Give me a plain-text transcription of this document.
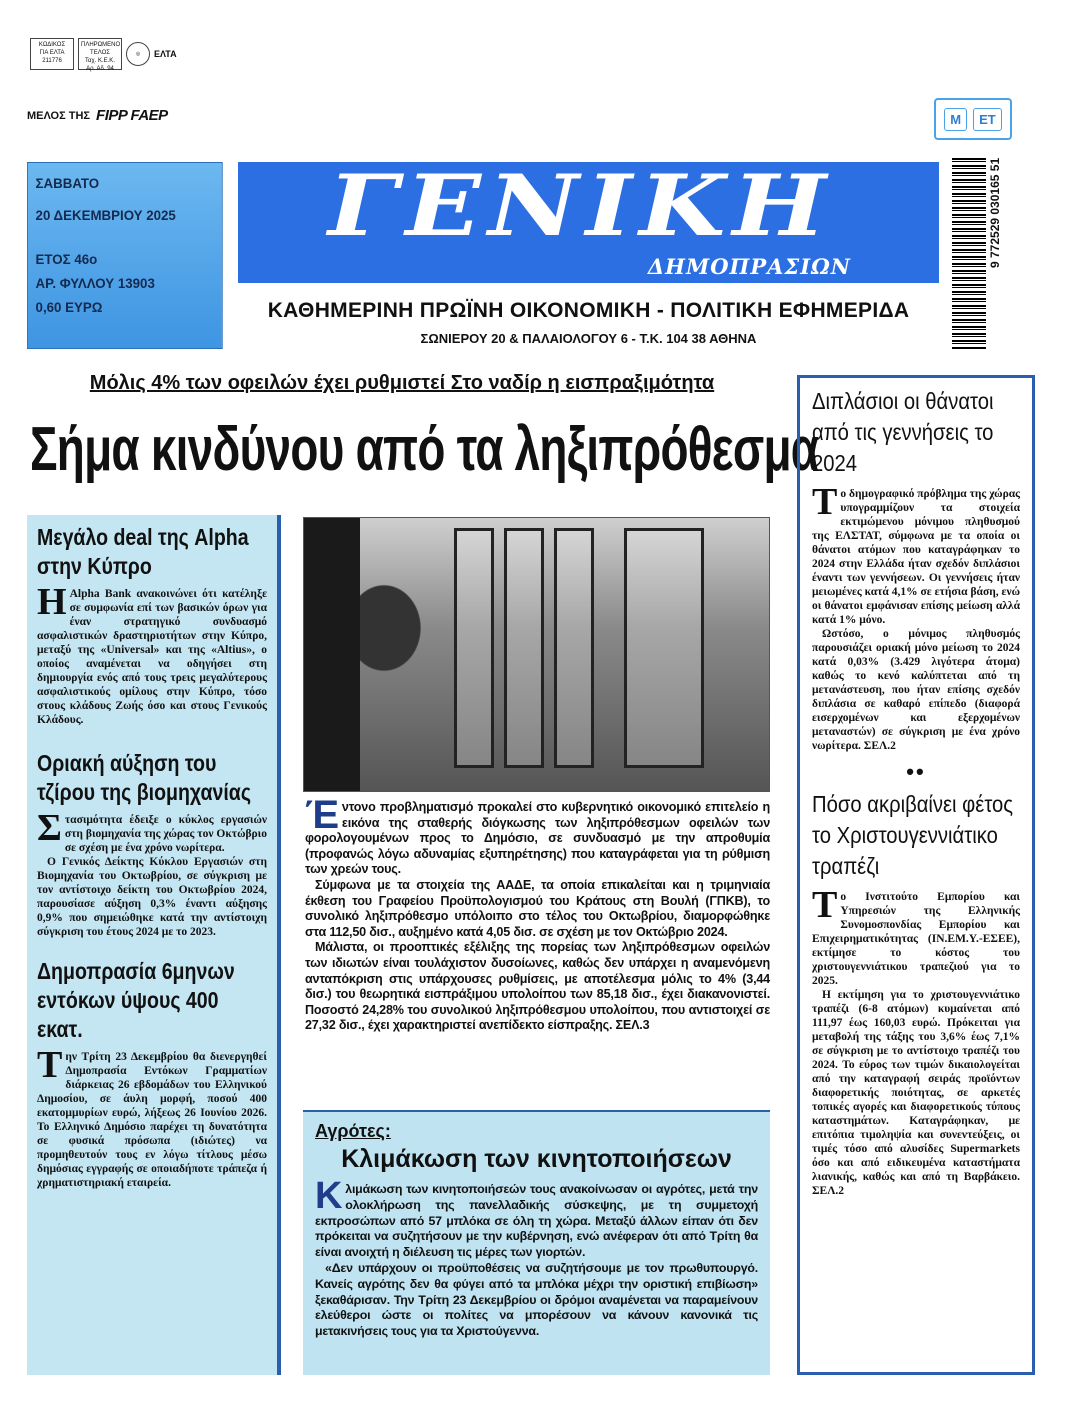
ΚΩΔΙΚΟΣ
ΓΙΑ ΕΛΤΑ
211776
ΠΛΗΡΩΜΕΝΟ ΤΕΛΟΣ
Ταχ. Κ.Ε.Κ.
Αρ. Αδ. 94
◎	ΕΛΤΑ
ΜΕΛΟΣ ΤΗΣ FIPP FAEP	Μ	ΕΤ
ΣΑΒΒΑΤΟ
20 ΔΕΚΕΜΒΡΙΟΥ 2025
ΕΤΟΣ 46ο
ΑΡ. ΦΥΛΛΟΥ 13903
0,60 ΕΥΡΩ
ΓΕΝΙΚΗ
ΔΗΜΟΠΡΑΣΙΩΝ
ΚΑΘΗΜΕΡΙΝΗ ΠΡΩΪΝΗ ΟΙΚΟΝΟΜΙΚΗ - ΠΟΛΙΤΙΚΗ ΕΦΗΜΕΡΙΔΑ
ΣΩΝΙΕΡΟΥ 20 & ΠΑΛΑΙΟΛΟΓΟΥ 6 - Τ.Κ. 104 38 ΑΘΗΝΑ
9 772529 030165 51
Μόλις 4% των οφειλών έχει ρυθμιστεί Στο ναδίρ η εισπραξιμότητα
Σήμα κινδύνου από τα ληξιπρόθεσμα
Μεγάλο deal της Alpha στην Κύπρο

ΗAlpha Bank ανακοινώνει ότι κατέληξε σε συμφωνία επί των βασικών όρων για έναν στρατηγικό συνδυασμό ασφαλιστικών δραστηριοτήτων στην Κύπρο, μεταξύ της «Universal» και της «Altius», ο οποίος αναμένεται να οδηγήσει στη δημιουργία ενός από τους τρεις μεγαλύτερους ασφαλιστικούς ομίλους στην Κύπρο, τόσο στους κλάδους Ζωής όσο και στους Γενικούς Κλάδους.

Οριακή αύξηση του τζίρου της βιομηχανίας

Στασιμότητα έδειξε ο κύκλος εργασιών στη βιομηχανία της χώρας τον Οκτώβριο σε σχέση με ένα χρόνο νωρίτερα.

Ο Γενικός Δείκτης Κύκλου Εργασιών στη Βιομηχανία του Οκτωβρίου, σε σύγκριση με τον αντίστοιχο δείκτη του Οκτωβρίου 2024, παρουσίασε αύξηση 0,3% έναντι αύξησης 0,9% που σημειώθηκε κατά την αντίστοιχη σύγκριση του έτους 2024 με το 2023.

Δημοπρασία 6μηνων εντόκων ύψους 400 εκατ.

Την Τρίτη 23 Δεκεμβρίου θα διενεργηθεί Δημοπρασία Εντόκων Γραμματίων διάρκειας 26 εβδομάδων του Ελληνικού Δημοσίου, σε άυλη μορφή, ποσού 400 εκατομμυρίων ευρώ, λήξεως 26 Ιουνίου 2026. Το Ελληνικό Δημόσιο παρέχει τη δυνατότητα σε φυσικά πρόσωπα (ιδιώτες) να προμηθευτούν τους εν λόγω τίτλους μέσω δημόσιας εγγραφής σε οποιαδήποτε τράπεζα ή χρηματιστηριακή εταιρεία.

Έντονο προβληματισμό προκαλεί στο κυβερνητικό οικονομικό επιτελείο η εικόνα της σταθερής διόγκωσης των ληξιπρόθεσμων οφειλών των φορολογουμένων προς το Δημόσιο, σε συνδυασμό με την απροθυμία (προφανώς λόγω αδυναμίας εξυπηρέτησης) που καταγράφεται για τη ρύθμιση των χρεών τους.

Σύμφωνα με τα στοιχεία της ΑΑΔΕ, τα οποία επικαλείται και η τριμηνιαία έκθεση του Γραφείου Προϋπολογισμού του Κράτους στη Βουλή (ΓΠΚΒ), το συνολικό ληξιπρόθεσμο υπόλοιπο στο τέλος του Οκτωβρίου, διαμορφώθηκε στα 112,50 δισ., αυξημένο κατά 4,05 δισ. σε σχέση με τον Οκτώβριο 2024.

Μάλιστα, οι προοπτικές εξέλιξης της πορείας των ληξιπρόθεσμων οφειλών των ιδιωτών είναι τουλάχιστον δυσοίωνες, καθώς δεν υπάρχει η αναμενόμενη ανταπόκριση στις υπάρχουσες ρυθμίσεις, με αποτέλεσμα μόλις το 4% (3,44 δισ.) του θεωρητικά εισπράξιμου υπολοίπου των 85,18 δισ., έχει διακανονιστεί. Ποσοστό 24,28% του συνολικού ληξιπρόθεσμου υπολοίπου, που αντιστοιχεί σε 27,32 δισ., έχει χαρακτηριστεί ανεπίδεκτο είσπραξης. ΣΕΛ.3

Αγρότες:
Κλιμάκωση των κινητοποιήσεων

Κλιμάκωση των κινητοποιήσεών τους ανακοίνωσαν οι αγρότες, μετά την ολοκλήρωση της πανελλαδικής σύσκεψης, με τη συμμετοχή εκπροσώπων από 57 μπλόκα σε όλη τη χώρα. Μεταξύ άλλων είπαν ότι δεν πρόκειται να συζητήσουν με την κυβέρνηση, ενώ ανέφεραν ότι από Τρίτη θα είναι ανοιχτή η διέλευση τις μέρες των γιορτών.

«Δεν υπάρχουν οι προϋποθέσεις να συζητήσουμε με τον πρωθυπουργό. Κανείς αγρότης δεν θα φύγει από τα μπλόκα μέχρι την οριστική επιβίωση» ξεκαθάρισαν. Την Τρίτη 23 Δεκεμβρίου οι δρόμοι αναμένεται να παραμείνουν ελεύθεροι ώστε οι πολίτες να μπορέσουν να κάνουν κανονικά τις μετακινήσεις τους για τα Χριστούγεννα.

Διπλάσιοι οι θάνατοι από τις γεννήσεις το 2024

Το δημογραφικό πρόβλημα της χώρας υπογραμμίζουν τα στοιχεία εκτιμώμενου μόνιμου πληθυσμού της ΕΛΣΤΑΤ, σύμφωνα με τα οποία οι θάνατοι ατόμων που καταγράφηκαν το 2024 στην Ελλάδα ήταν σχεδόν διπλάσιοι έναντι των γεννήσεων. Οι γεννήσεις ήταν μειωμένες κατά 4,1% σε ετήσια βάση, ενώ οι θάνατοι εμφάνισαν επίσης μείωση αλλά κατά 1% μόνο.

Ωστόσο, ο μόνιμος πληθυσμός παρουσιάζει οριακή μόνο μείωση το 2024 κατά 0,03% (3.429 λιγότερα άτομα) καθώς το κενό καλύπτεται από τη μετανάστευση, που ήταν επίσης σχεδόν διπλάσια σε καθαρό επίπεδο (διαφορά εισερχομένων και εξερχομένων μεταναστών) σε σύγκριση με ένα χρόνο νωρίτερα. ΣΕΛ.2

••
Πόσο ακριβαίνει φέτος το Χριστουγεννιάτικο τραπέζι

Το Ινστιτούτο Εμπορίου και Υπηρεσιών της Ελληνικής Συνομοσπονδίας Εμπορίου και Επιχειρηματικότητας (ΙΝ.ΕΜ.Υ.-ΕΣΕΕ), εκτίμησε το κόστος του χριστουγεννιάτικου τραπεζιού για το 2025.

Η εκτίμηση για το χριστουγεννιάτικο τραπέζι (6-8 ατόμων) κυμαίνεται από 111,97 έως 160,03 ευρώ. Πρόκειται για μεταβολή της τάξης του 3,6% έως 7,1% σε σύγκριση με το αντίστοιχο τραπέζι του 2024. Το εύρος των τιμών δικαιολογείται από την καταγραφή σειράς προϊόντων διαφορετικής ποιότητας, σε αρκετές τοπικές αγορές και διαφορετικούς τύπους καταστημάτων. Καταγράφηκαν, με επιτόπια τιμοληψία και συνεντεύξεις, οι τιμές τόσο από αλυσίδες Supermarkets όσο και από ειδικευμένα καταστήματα λιανικής, καθώς και από τη Βαρβάκειο. ΣΕΛ.2
